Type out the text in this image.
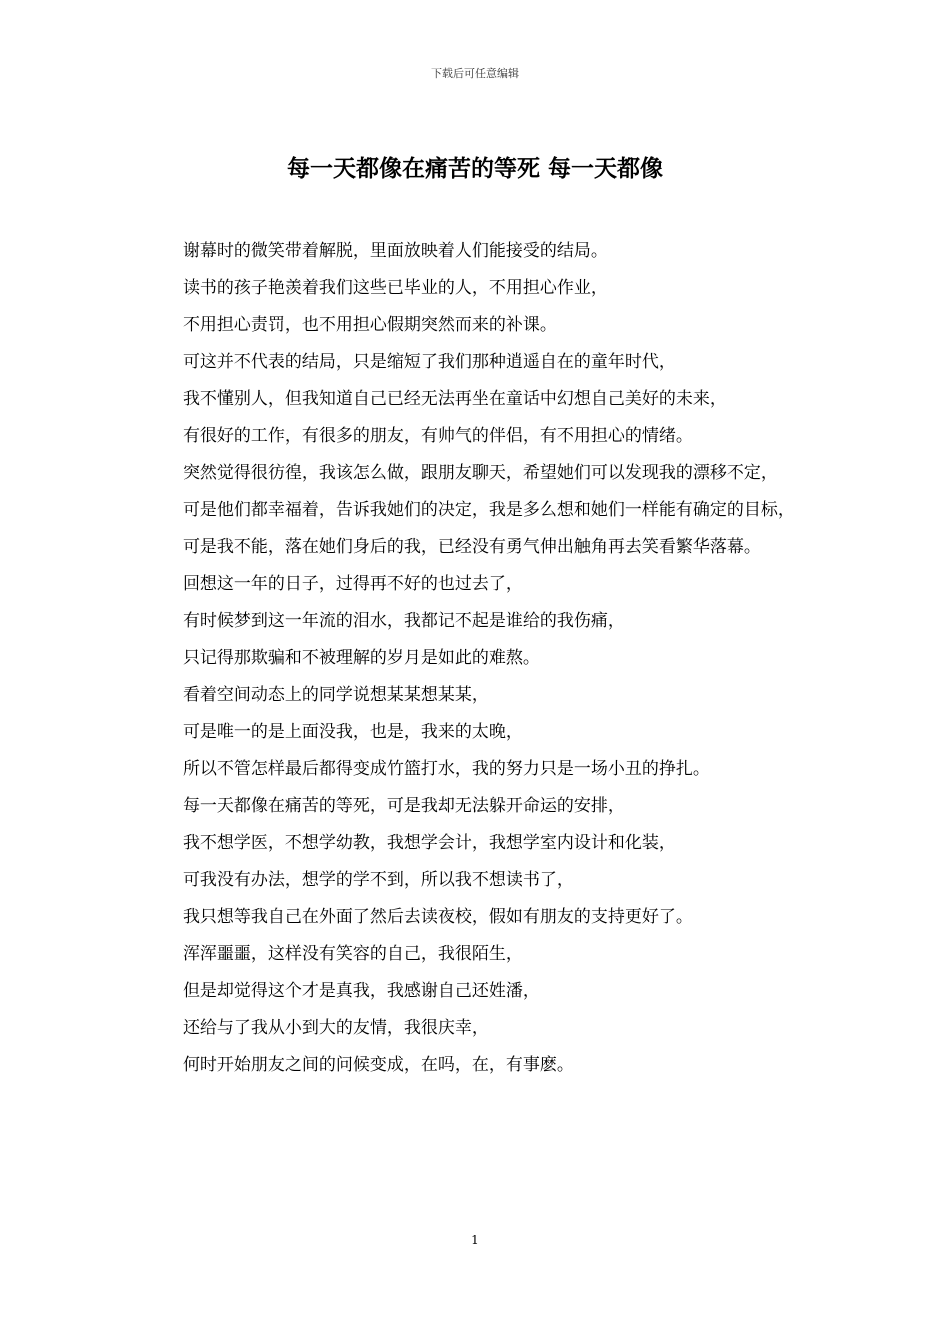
下载后可任意编辑
每一天都像在痛苦的等死 每一天都像

谢幕时的微笑带着解脱，里面放映着人们能接受的结局。

读书的孩子艳羡着我们这些已毕业的人，不用担心作业，

不用担心责罚，也不用担心假期突然而来的补课。

可这并不代表的结局，只是缩短了我们那种逍遥自在的童年时代，

我不懂别人，但我知道自己已经无法再坐在童话中幻想自己美好的未来，

有很好的工作，有很多的朋友，有帅气的伴侣，有不用担心的情绪。

突然觉得很彷徨，我该怎么做，跟朋友聊天，希望她们可以发现我的漂移不定，

可是他们都幸福着，告诉我她们的决定，我是多么想和她们一样能有确定的目标，

可是我不能，落在她们身后的我，已经没有勇气伸出触角再去笑看繁华落幕。

回想这一年的日子，过得再不好的也过去了，

有时候梦到这一年流的泪水，我都记不起是谁给的我伤痛，

只记得那欺骗和不被理解的岁月是如此的难熬。

看着空间动态上的同学说想某某想某某，

可是唯一的是上面没我，也是，我来的太晚，

所以不管怎样最后都得变成竹篮打水，我的努力只是一场小丑的挣扎。

每一天都像在痛苦的等死，可是我却无法躲开命运的安排，

我不想学医，不想学幼教，我想学会计，我想学室内设计和化装，

可我没有办法，想学的学不到，所以我不想读书了，

我只想等我自己在外面了然后去读夜校，假如有朋友的支持更好了。

浑浑噩噩，这样没有笑容的自己，我很陌生，

但是却觉得这个才是真我，我感谢自己还姓潘，

还给与了我从小到大的友情，我很庆幸，

何时开始朋友之间的问候变成，在吗，在，有事麽。

1
